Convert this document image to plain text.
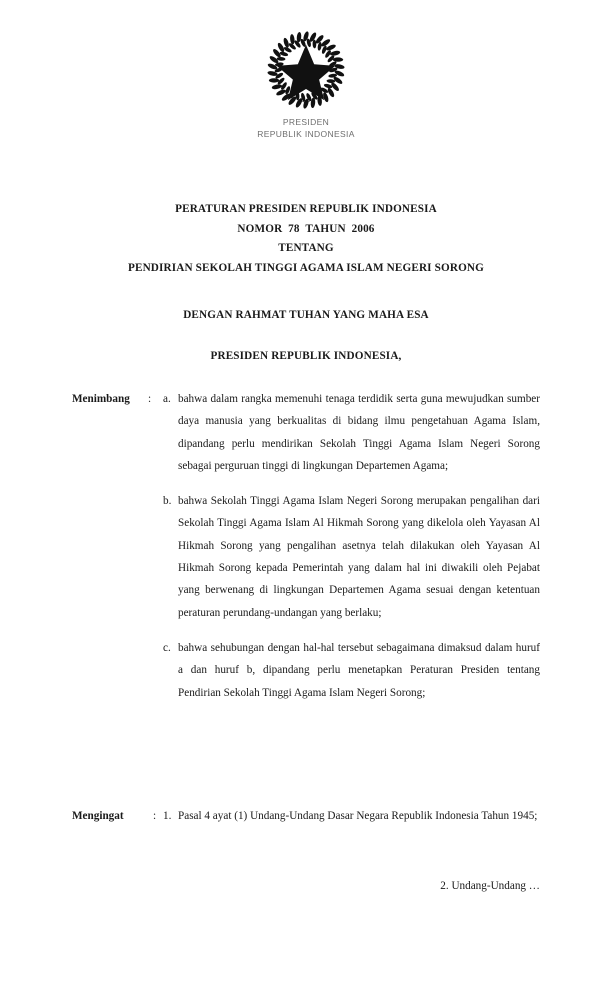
PRESIDEN
REPUBLIK INDONESIA
PERATURAN PRESIDEN REPUBLIK INDONESIA
NOMOR  78  TAHUN  2006
TENTANG
PENDIRIAN SEKOLAH TINGGI AGAMA ISLAM NEGERI SORONG
DENGAN RAHMAT TUHAN YANG MAHA ESA
PRESIDEN REPUBLIK INDONESIA,
Menimbang	: a. bahwa dalam rangka memenuhi tenaga terdidik serta guna mewujudkan sumber daya manusia yang berkualitas di bidang ilmu pengetahuan Agama Islam, dipandang perlu mendirikan Sekolah Tinggi Agama Islam Negeri Sorong sebagai perguruan tinggi di lingkungan Departemen Agama;
b. bahwa Sekolah Tinggi Agama Islam Negeri Sorong merupakan pengalihan dari Sekolah Tinggi Agama Islam Al Hikmah Sorong yang dikelola oleh Yayasan Al Hikmah Sorong yang pengalihan asetnya telah dilakukan oleh Yayasan Al Hikmah Sorong kepada Pemerintah yang dalam hal ini diwakili oleh Pejabat yang berwenang di lingkungan Departemen Agama sesuai dengan ketentuan peraturan perundang-undangan yang berlaku;
c. bahwa sehubungan dengan hal-hal tersebut sebagaimana dimaksud dalam huruf a dan huruf b, dipandang perlu menetapkan Peraturan Presiden tentang Pendirian Sekolah Tinggi Agama Islam Negeri Sorong;
Mengingat	: 1. Pasal 4 ayat (1) Undang-Undang Dasar Negara Republik Indonesia Tahun 1945;
2. Undang-Undang …
